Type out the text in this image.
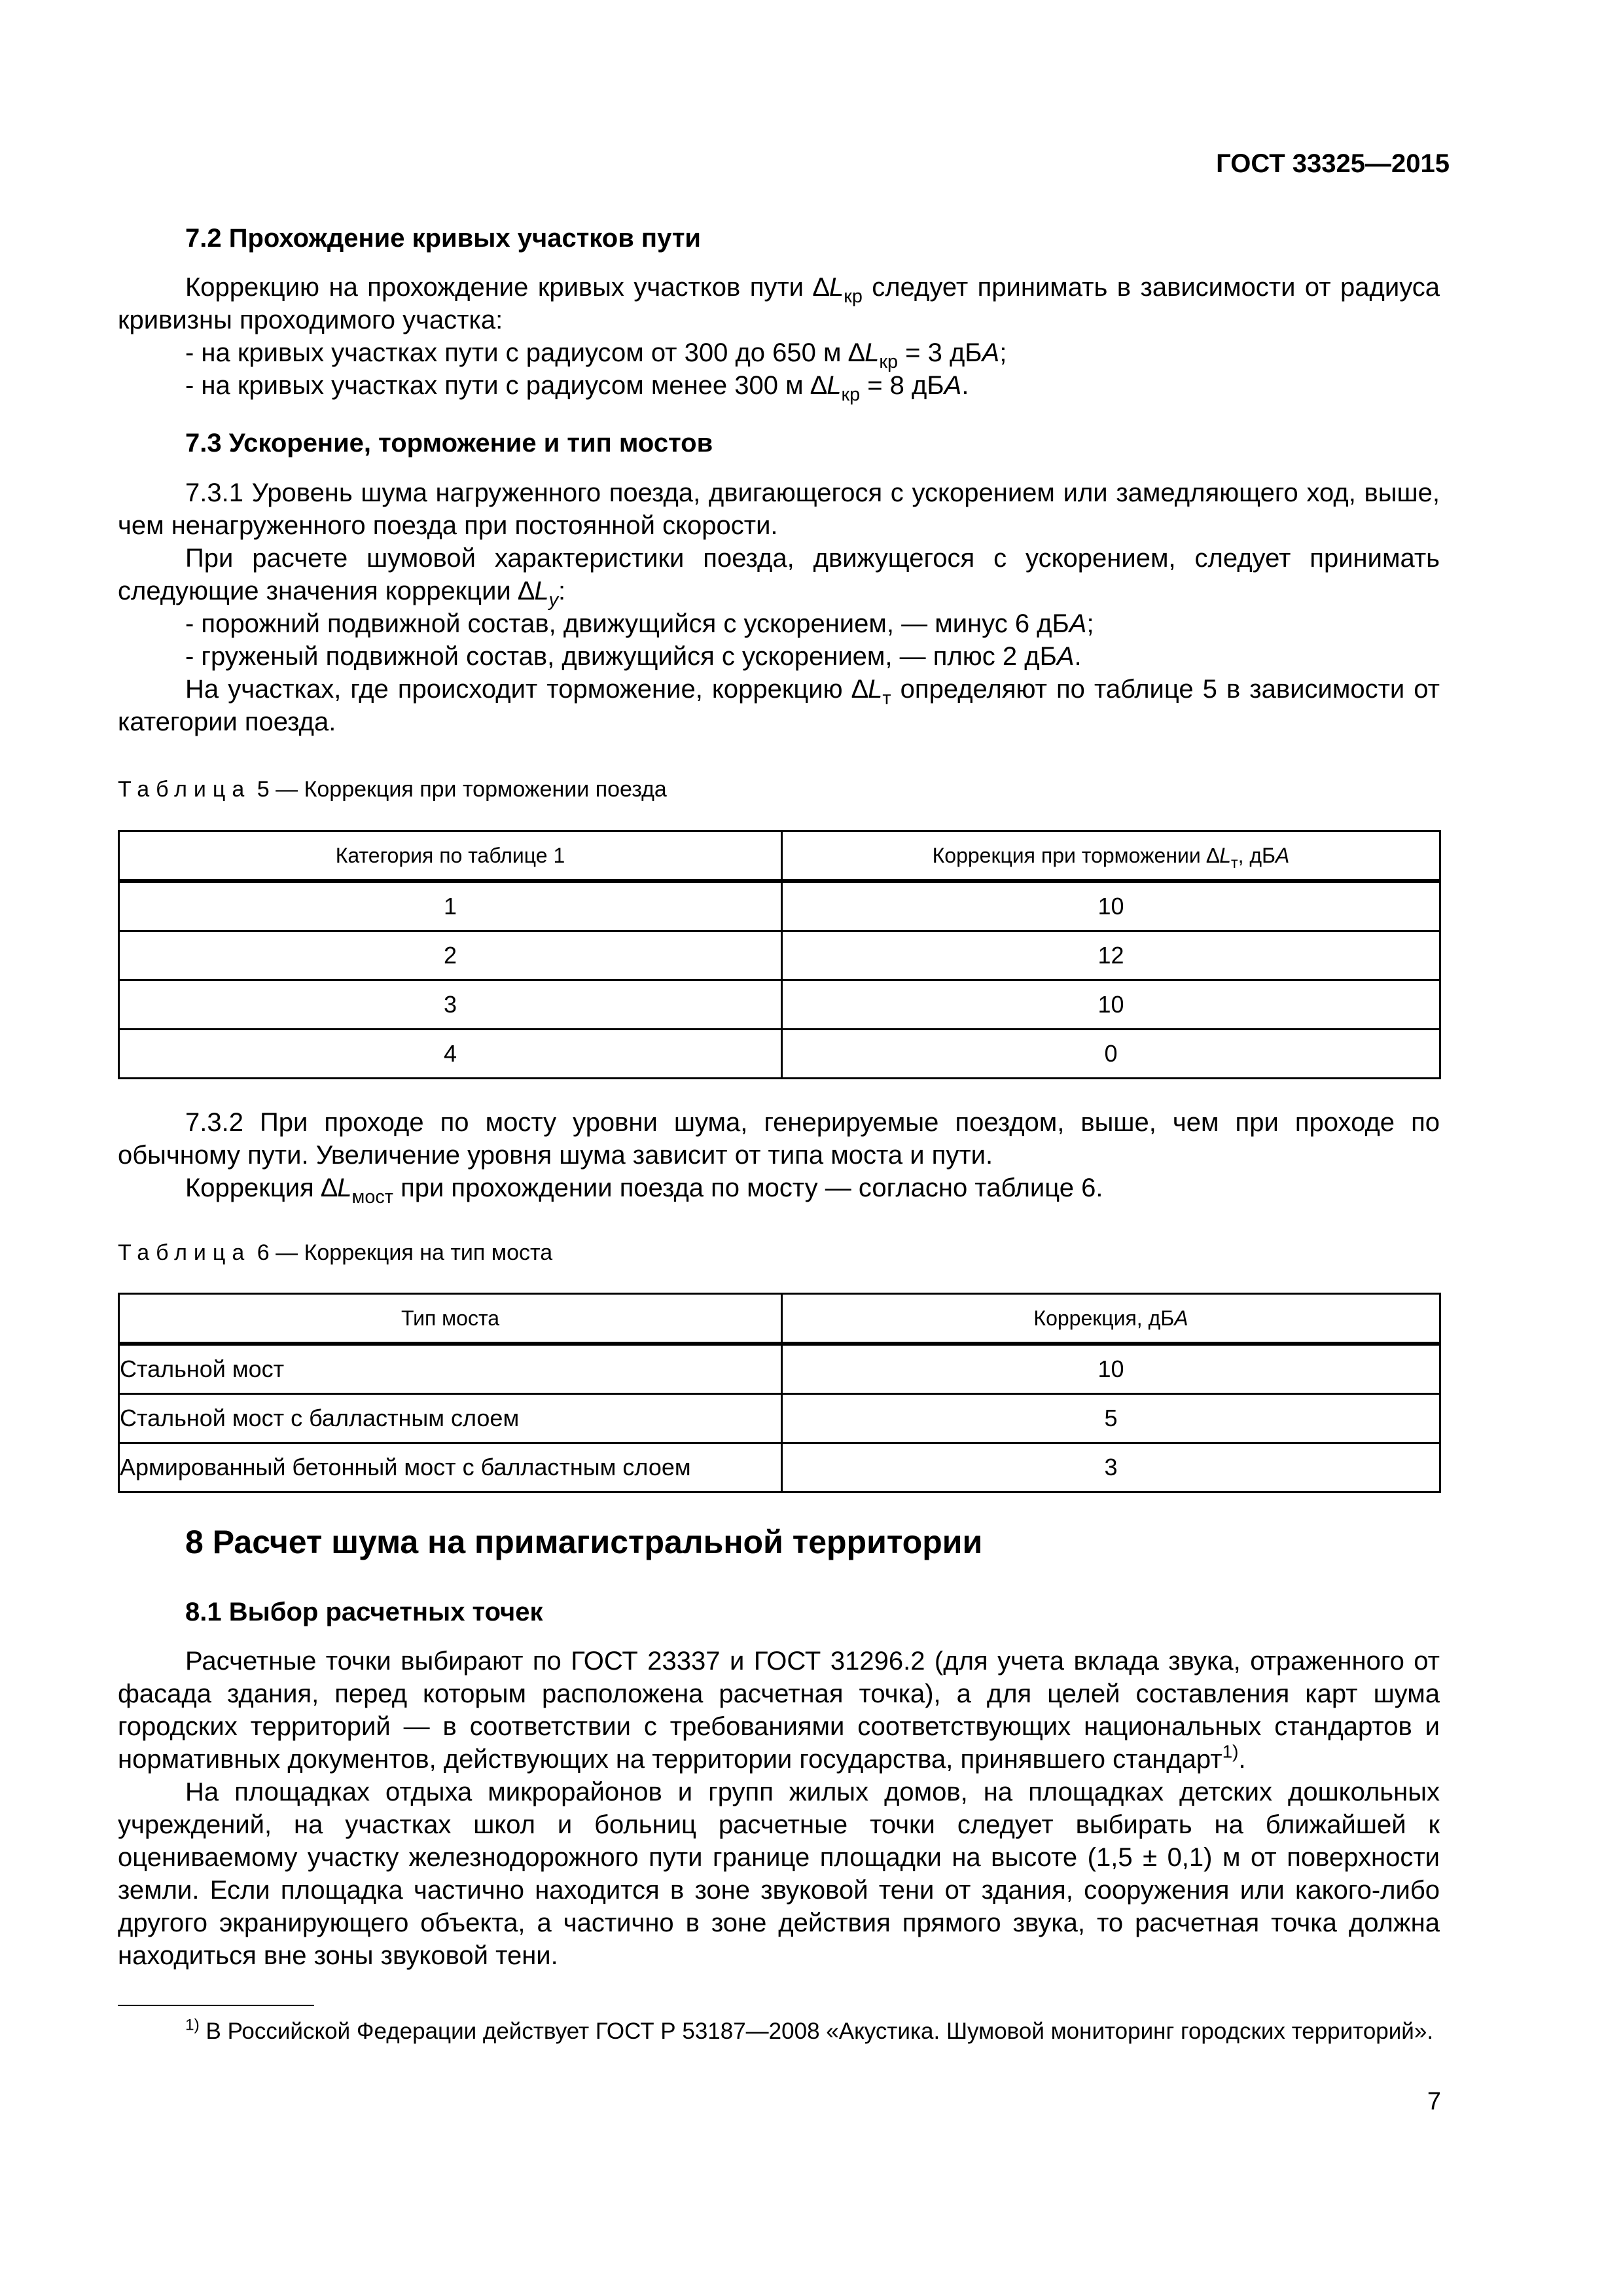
ГОСТ 33325—2015
7.2 Прохождение кривых участков пути

Коррекцию на прохождение кривых участков пути $\Delta L_{кр}$ следует принимать в зависимости от радиуса кривизны проходимого участка:

- на кривых участках пути с радиусом от 300 до 650 м $\Delta L_{кр} = 3$ дБА;

- на кривых участках пути с радиусом менее 300 м $\Delta L_{кр} = 8$ дБА.

7.3 Ускорение, торможение и тип мостов

7.3.1 Уровень шума нагруженного поезда, двигающегося с ускорением или замедляющего ход, выше, чем ненагруженного поезда при постоянной скорости.

При расчете шумовой характеристики поезда, движущегося с ускорением, следует принимать следующие значения коррекции $\Delta L_у$:

- порожний подвижной состав, движущийся с ускорением, — минус 6 дБА;

- груженый подвижной состав, движущийся с ускорением, — плюс 2 дБА.

На участках, где происходит торможение, коррекцию $\Delta L_т$ определяют по таблице 5 в зависимости от категории поезда.

Таблица 5 — Коррекция при торможении поезда
Категория по таблице 1	Коррекция при торможении $\Delta L_т$, дБА
1	10
2	12
3	10
4	0

7.3.2 При проходе по мосту уровни шума, генерируемые поездом, выше, чем при проходе по обычному пути. Увеличение уровня шума зависит от типа моста и пути.

Коррекция $\Delta L_{мост}$ при прохождении поезда по мосту — согласно таблице 6.

Таблица 6 — Коррекция на тип моста
Тип моста	Коррекция, дБА
Стальной мост	10
Стальной мост с балластным слоем	5
Армированный бетонный мост с балластным слоем	3
8 Расчет шума на примагистральной территории
8.1 Выбор расчетных точек

Расчетные точки выбирают по ГОСТ 23337 и ГОСТ 31296.2 (для учета вклада звука, отраженного от фасада здания, перед которым расположена расчетная точка), а для целей составления карт шума городских территорий — в соответствии с требованиями соответствующих национальных стандартов и нормативных документов, действующих на территории государства, принявшего стандарт$^{1)}$.

На площадках отдыха микрорайонов и групп жилых домов, на площадках детских дошкольных учреждений, на участках школ и больниц расчетные точки следует выбирать на ближайшей к оцениваемому участку железнодорожного пути границе площадки на высоте (1,5 ± 0,1) м от поверхности земли. Если площадка частично находится в зоне звуковой тени от здания, сооружения или какого-либо другого экранирующего объекта, а частично в зоне действия прямого звука, то расчетная точка должна находиться вне зоны звуковой тени.

$^{1)}$ В Российской Федерации действует ГОСТ Р 53187—2008 «Акустика. Шумовой мониторинг городских территорий».
7
